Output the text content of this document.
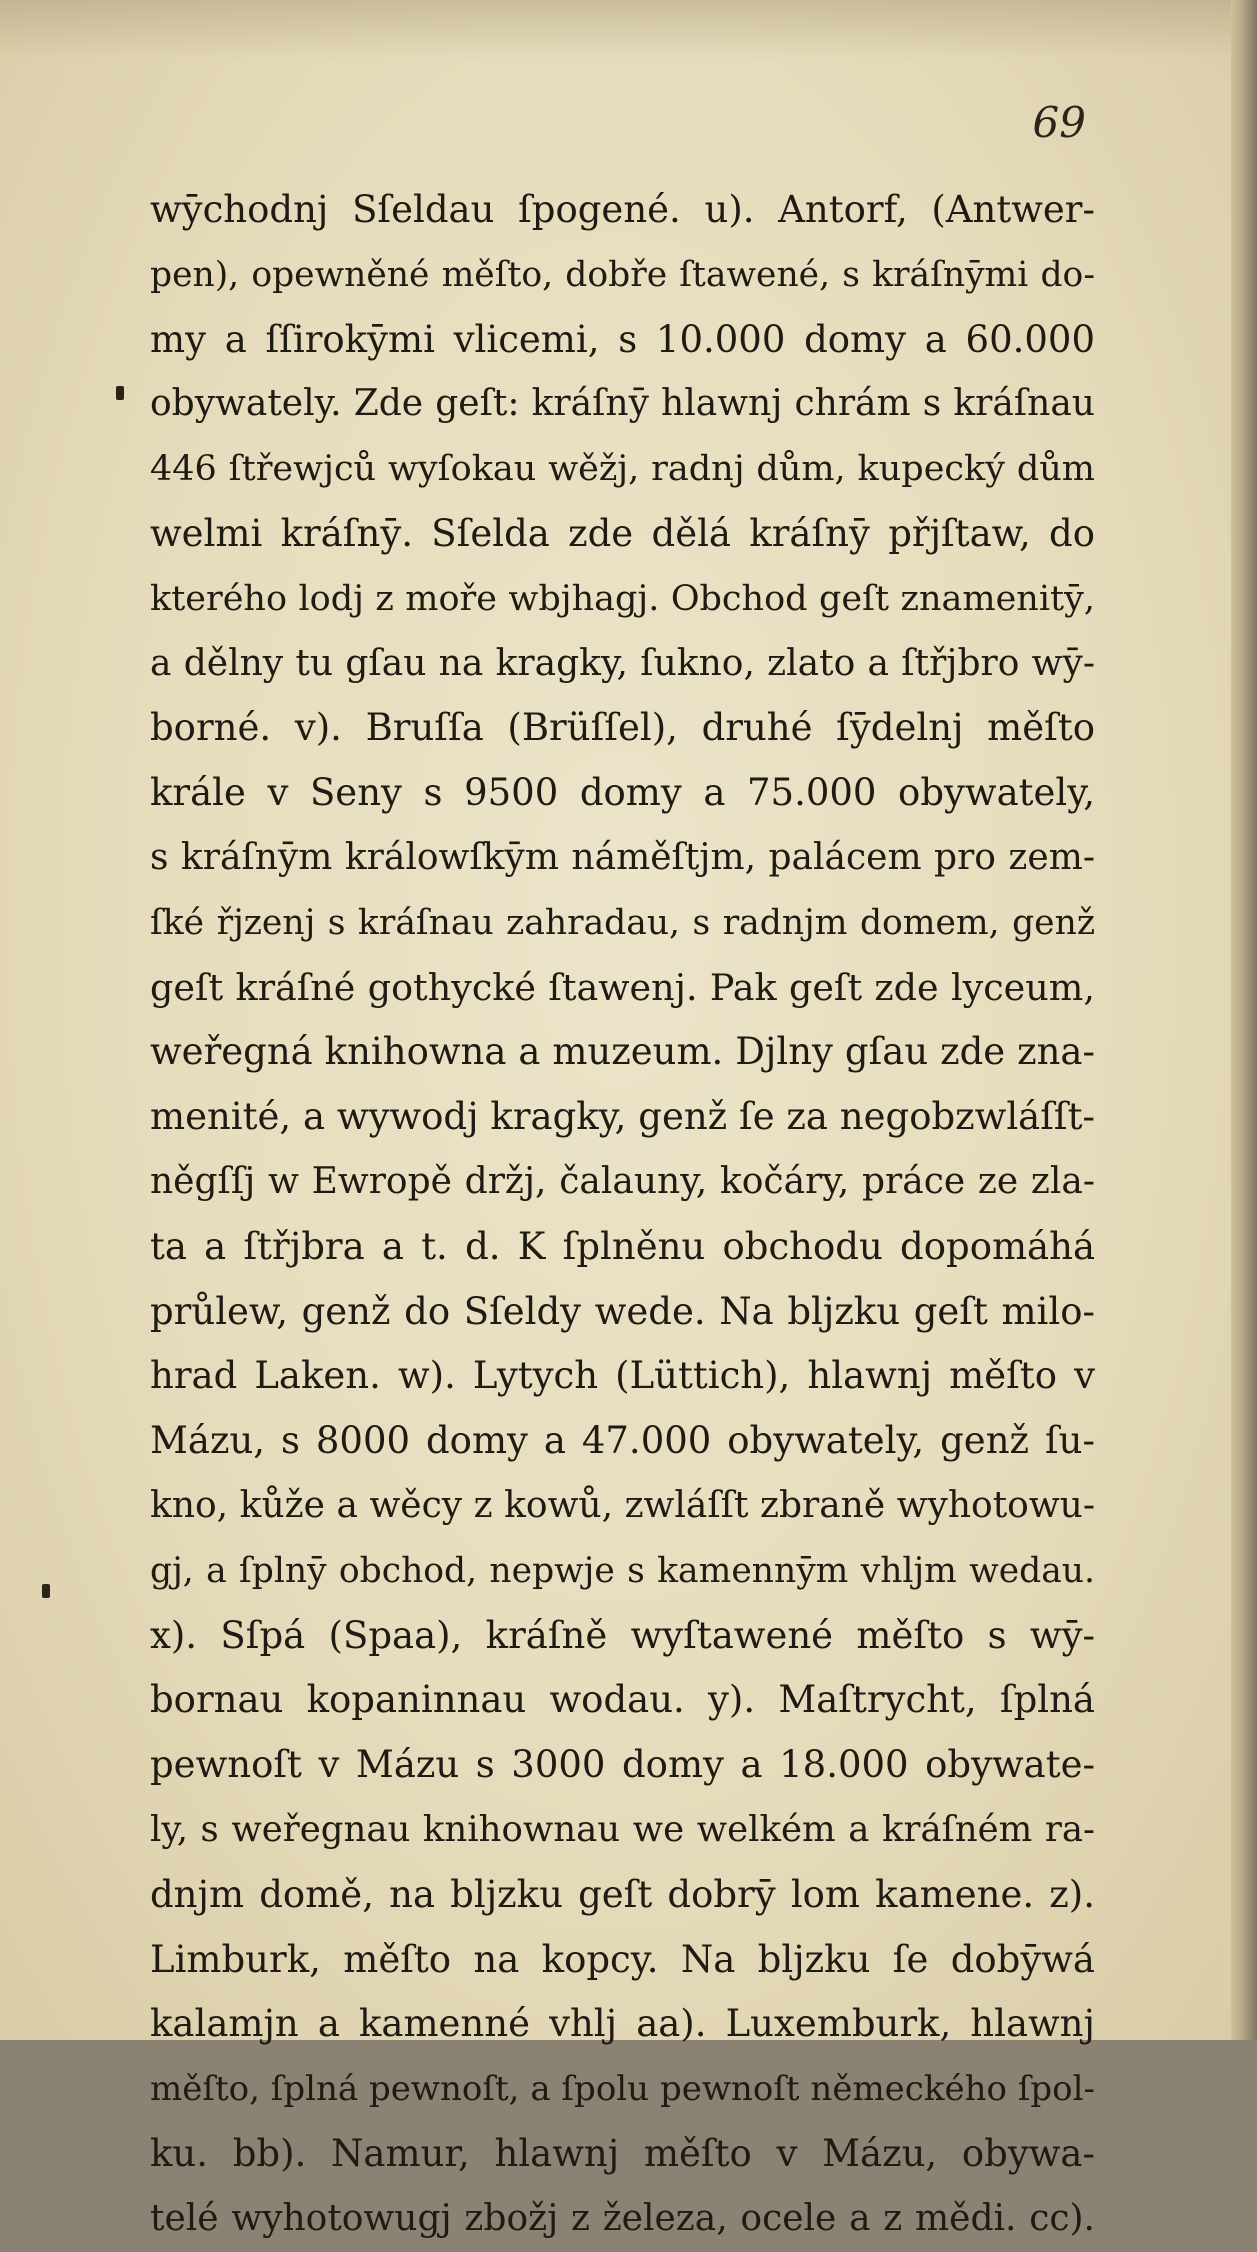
69
wȳchodnj Sſeldau ſpogené. u). Antorf, (Antwer-
pen), opewněné měſto, dobře ſtawené, s kráſnȳmi do-
my a ſſirokȳmi vlicemi, s 10.000 domy a 60.000
obywately. Zde geſt: kráſnȳ hlawnj chrám s kráſnau
446 ſtřewjců wyſokau wěžj, radnj dům, kupecký dům
welmi kráſnȳ. Sſelda zde dělá kráſnȳ přjſtaw, do
kterého lodj z moře wbjhagj. Obchod geſt znamenitȳ,
a dělny tu gſau na kragky, ſukno, zlato a ſtřjbro wȳ-
borné. v). Bruſſa (Brüſſel), druhé ſȳdelnj měſto
krále v Seny s 9500 domy a 75.000 obywately,
s kráſnȳm králowſkȳm náměſtjm, palácem pro zem-
ſké řjzenj s kráſnau zahradau, s radnjm domem, genž
geſt kráſné gothycké ſtawenj. Pak geſt zde lyceum,
weřegná knihowna a muzeum. Djlny gſau zde zna-
menité, a wywodj kragky, genž ſe za negobzwláſſt-
něgſſj w Ewropě držj, čalauny, kočáry, práce ze zla-
ta a ſtřjbra a t. d. K ſplněnu obchodu dopomáhá
průlew, genž do Sſeldy wede. Na bljzku geſt milo-
hrad Laken. w). Lytych (Lüttich), hlawnj měſto v
Mázu, s 8000 domy a 47.000 obywately, genž ſu-
kno, kůže a wěcy z kowů, zwláſſt zbraně wyhotowu-
gj, a ſplnȳ obchod, nepwje s kamennȳm vhljm wedau.
x). Sſpá (Spaa), kráſně wyſtawené měſto s wȳ-
bornau kopaninnau wodau. y). Maſtrycht, ſplná
pewnoſt v Mázu s 3000 domy a 18.000 obywate-
ly, s weřegnau knihownau we welkém a kráſném ra-
dnjm domě, na bljzku geſt dobrȳ lom kamene. z).
Limburk, měſto na kopcy. Na bljzku ſe dobȳwá
kalamjn a kamenné vhlj aa). Luxemburk, hlawnj
měſto, ſplná pewnoſt, a ſpolu pewnoſt německého ſpol-
ku. bb). Namur, hlawnj měſto v Mázu, obywa-
telé wyhotowugj zbožj z železa, ocele a z mědi. cc).
